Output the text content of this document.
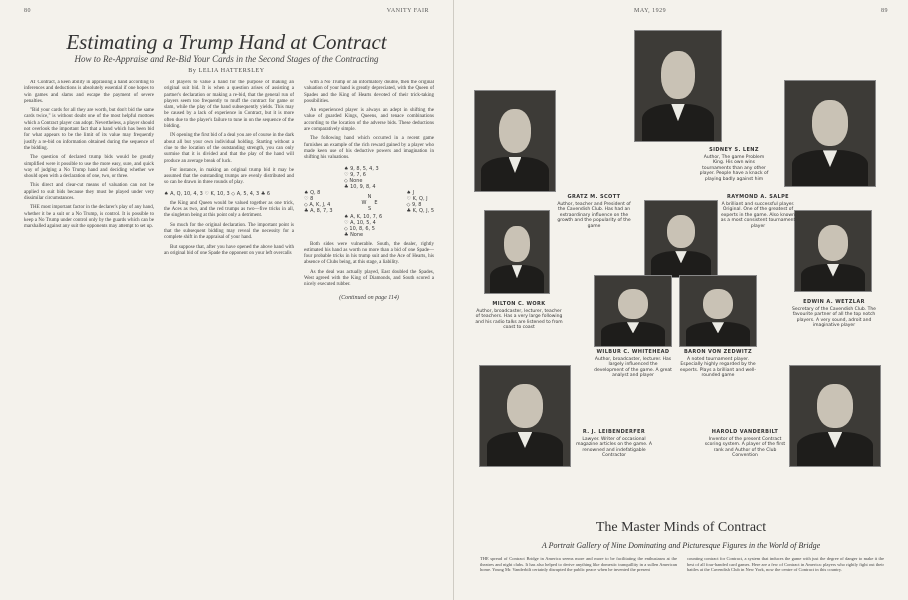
80	VANITY FAIR
Estimating a Trump Hand at Contract
How to Re-Appraise and Re-Bid Your Cards in the Second Stages of the Contracting
By LELIA HATTERSLEY

AT Contract, a keen ability in appraising a hand according to inferences and deductions is absolutely essential if one hopes to win games and slams and escape the payment of severe penalties.

"Bid your cards for all they are worth, but don't bid the same cards twice," is without doubt one of the most helpful mottoes which a Contract player can adopt. Nevertheless, a player should not overlook the important fact that a hand which has been bid for what appears to be the limit of its value may frequently justify a re-bid on information obtained during the sequence of the bidding.

The question of declared trump bids would be greatly simplified were it possible to use the more easy, sure, and quick way of judging a No Trump hand and deciding whether we should open with a declaration of one, two, or three.

This direct and clear-cut means of valuation can not be applied to suit bids because they must be played under very dissimilar circumstances.

THE most important factor in the declarer's play of any hand, whether it be a suit or a No Trump, is control. It is possible to keep a No Trump under control only by the guards which can be marshalled against any suit the opponents may attempt to set up.

of players to value a hand for the purpose of making an original suit bid. It is when a question arises of assisting a partner's declaration or making a re-bid, that the general run of players seem too frequently to muff the contract for game or slam, while the play of the hand subsequently yields. This may be caused by a lack of experience in Contract, but it is more often due to the player's failure to tune in on the sequence of the bidding.

IN opening the first bid of a deal you are of course in the dark about all but your own individual holding. Starting without a clue to the location of the outstanding strength, you can only surmise that it is divided and that the play of the hand will produce an average break of luck.

For instance, in making an original trump bid it may be assumed that the outstanding trumps are evenly distributed and so can be drawn in three rounds of play.

♠ A, Q, 10, 4, 3 ♡ K, 10, 3 ◇ A, 5, 4, 3 ♣ 6

the King and Queen would be valued together as one trick, the Aces as two, and the red trumps as two—five tricks in all, the singleton being at this point only a detriment.

So much for the original declaration. The important point is that the subsequent bidding may reveal the necessity for a complete shift in the appraisal of your hand.

But suppose that, after you have opened the above hand with an original bid of one Spade the opponent on your left overcalls

with a No Trump or an informatory double, then the original valuation of your hand is greatly depreciated, with the Queen of Spades and the King of Hearts devoted of their trick-taking possibilities.

An experienced player is always an adept in shifting the value of guarded Kings, Queens, and tenace combinations according to the location of the adverse bids. These deductions are comparatively simple.

The following hand which occurred in a recent game furnishes an example of the rich reward gained by a player who made keen use of his deductive powers and imagination in shifting his valuations.

♠ 9, 8, 5, 4, 3
♡ 9, 7, 6
◇ None
♣ 10, 9, 8, 4
♠ Q, 8
♡ 8
◇ A, K, J, 4
♣ A, 8, 7, 3
N
W     E
S
♠ J
♡ K, Q, J
◇ 9, 8
♣ K, Q, J, 5
♠ A, K, 10, 7, 6
♡ A, 10, 5, 4
◇ 10, 8, 6, 5
♣ None

Both sides were vulnerable. South, the dealer, rightly estimated his hand as worth no more than a bid of one Spade—four probable tricks in his trump suit and the Ace of Hearts, his absence of Clubs being, at this stage, a liability.

As the deal was actually played, East doubled the Spades, West agreed with the King of Diamonds, and South scored a nicely executed rubber.

(Continued on page 114)
MAY, 1929	89
SIDNEY S. LENZ
Author, The game Problem King. His own wins tournaments than any other player. People have a knack of playing badly against him
GRATZ M. SCOTT
Author, teacher and President of the Cavendish Club. Has had an extraordinary influence on the growth and the popularity of the game
RAYMOND A. SALPE
A brilliant and successful player. Original. One of the greatest of experts in the game. Also known as a most consistent tournament player
MILTON C. WORK
Author, broadcaster, lecturer, teacher of teachers. Has a very large following and his radio talks are listened to from coast to coast
EDWIN A. WETZLAR
Secretary of the Cavendish Club. The favourite partner of all the top notch players. A very sound, adroit and imaginative player
WILBUR C. WHITEHEAD
Author, broadcaster, lecturer. Has largely influenced the development of the game. A great analyst and player
BARON VON ZEDWITZ
A noted tournament player. Especially highly regarded by the experts. Plays a brilliant and well-rounded game
R. J. LEIBENDERFER
Lawyer. Writer of occasional magazine articles on the game. A renowned and indefatigable Contractor
HAROLD VANDERBILT
Inventor of the present Contract scoring system. A player of the first rank and Author of the Club Convention
The Master Minds of Contract
A Portrait Gallery of Nine Dominating and Picturesque Figures in the World of Bridge
THE spread of Contract Bridge in America seems more and more to be facilitating the enthusiasm at the theatres and night clubs. It has also helped to derive anything like domestic tranquillity in a sullen American home. Young Mr. Vanderbilt certainly disrupted the public peace when he invented the present
counting contract for Contract, a system that induces the game with just the degree of danger to make it the best of all four-handed card games. Here are a few of Contract in America: players who rightly fight out their battles at the Cavendish Club in New York, now the centre of Contract in this country.
